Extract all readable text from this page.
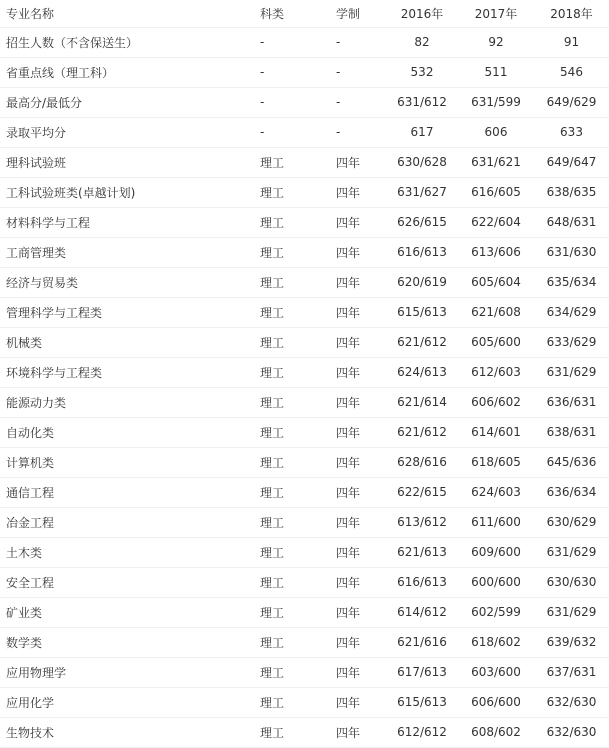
专业名称	科类	学制	2016年	2017年	2018年
招生人数（不含保送生）	-	-	82	92	91
省重点线（理工科）	-	-	532	511	546
最高分/最低分	-	-	631/612	631/599	649/629
录取平均分	-	-	617	606	633
理科试验班	理工	四年	630/628	631/621	649/647
工科试验班类(卓越计划)	理工	四年	631/627	616/605	638/635
材料科学与工程	理工	四年	626/615	622/604	648/631
工商管理类	理工	四年	616/613	613/606	631/630
经济与贸易类	理工	四年	620/619	605/604	635/634
管理科学与工程类	理工	四年	615/613	621/608	634/629
机械类	理工	四年	621/612	605/600	633/629
环境科学与工程类	理工	四年	624/613	612/603	631/629
能源动力类	理工	四年	621/614	606/602	636/631
自动化类	理工	四年	621/612	614/601	638/631
计算机类	理工	四年	628/616	618/605	645/636
通信工程	理工	四年	622/615	624/603	636/634
冶金工程	理工	四年	613/612	611/600	630/629
土木类	理工	四年	621/613	609/600	631/629
安全工程	理工	四年	616/613	600/600	630/630
矿业类	理工	四年	614/612	602/599	631/629
数学类	理工	四年	621/616	618/602	639/632
应用物理学	理工	四年	617/613	603/600	637/631
应用化学	理工	四年	615/613	606/600	632/630
生物技术	理工	四年	612/612	608/602	632/630
